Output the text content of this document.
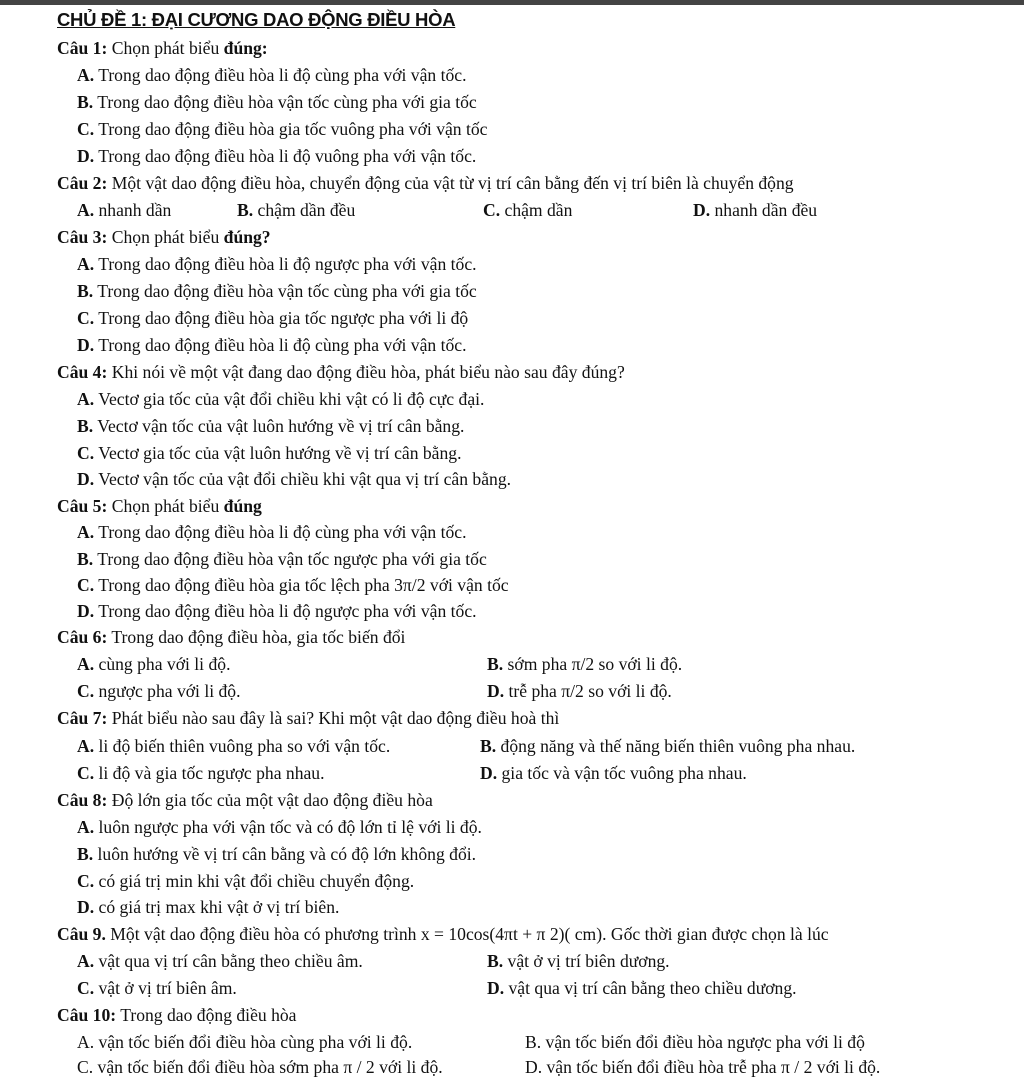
CHỦ ĐỀ 1: ĐẠI CƯƠNG DAO ĐỘNG ĐIỀU HÒA
Câu 1: Chọn phát biểu đúng:
A. Trong dao động điều hòa li độ cùng pha với vận tốc.
B. Trong dao động điều hòa vận tốc cùng pha với gia tốc
C. Trong dao động điều hòa gia tốc vuông pha với vận tốc
D. Trong dao động điều hòa li độ vuông pha với vận tốc.
Câu 2: Một vật dao động điều hòa, chuyển động của vật từ vị trí cân bằng đến vị trí biên là chuyển động
A. nhanh dần	B. chậm dần đều	C. chậm dần	D. nhanh dần đều
Câu 3: Chọn phát biểu đúng?
A. Trong dao động điều hòa li độ ngược pha với vận tốc.
B. Trong dao động điều hòa vận tốc cùng pha với gia tốc
C. Trong dao động điều hòa gia tốc ngược pha với li độ
D. Trong dao động điều hòa li độ cùng pha với vận tốc.
Câu 4: Khi nói về một vật đang dao động điều hòa, phát biểu nào sau đây đúng?
A. Vectơ gia tốc của vật đổi chiều khi vật có li độ cực đại.
B. Vectơ vận tốc của vật luôn hướng về vị trí cân bằng.
C. Vectơ gia tốc của vật luôn hướng về vị trí cân bằng.
D. Vectơ vận tốc của vật đổi chiều khi vật qua vị trí cân bằng.
Câu 5: Chọn phát biểu đúng
A. Trong dao động điều hòa li độ cùng pha với vận tốc.
B. Trong dao động điều hòa vận tốc ngược pha với gia tốc
C. Trong dao động điều hòa gia tốc lệch pha 3π/2 với vận tốc
D. Trong dao động điều hòa li độ ngược pha với vận tốc.
Câu 6: Trong dao động điều hòa, gia tốc biến đổi
A. cùng pha với li độ.	B. sớm pha π/2 so với li độ.
C. ngược pha với li độ.	D. trễ pha π/2 so với li độ.
Câu 7: Phát biểu nào sau đây là sai? Khi một vật dao động điều hoà thì
A. li độ biến thiên vuông pha so với vận tốc.	B. động năng và thế năng biến thiên vuông pha nhau.
C. li độ và gia tốc ngược pha nhau.	D. gia tốc và vận tốc vuông pha nhau.
Câu 8: Độ lớn gia tốc của một vật dao động điều hòa
A. luôn ngược pha với vận tốc và có độ lớn tỉ lệ với li độ.
B. luôn hướng về vị trí cân bằng và có độ lớn không đổi.
C. có giá trị min khi vật đổi chiều chuyển động.
D. có giá trị max khi vật ở vị trí biên.
Câu 9. Một vật dao động điều hòa có phương trình x = 10cos(4πt + π 2)( cm). Gốc thời gian được chọn là lúc
A. vật qua vị trí cân bằng theo chiều âm.	B. vật ở vị trí biên dương.
C. vật ở vị trí biên âm.	D. vật qua vị trí cân bằng theo chiều dương.
Câu 10: Trong dao động điều hòa
A. vận tốc biến đổi điều hòa cùng pha với li độ.	B. vận tốc biến đổi điều hòa ngược pha với li độ
C. vận tốc biến đổi điều hòa sớm pha π / 2 với li độ.	D. vận tốc biến đổi điều hòa trễ pha π / 2 với li độ.
